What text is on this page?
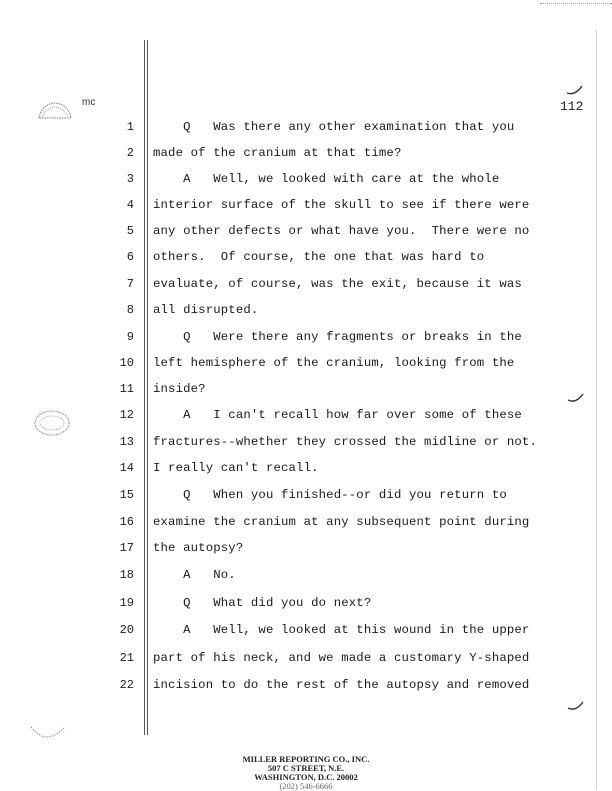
mc	112
1 Q   Was there any other examination that you
2 made of the cranium at that time?
3 A   Well, we looked with care at the whole
4 interior surface of the skull to see if there were
5 any other defects or what have you.  There were no
6 others.  Of course, the one that was hard to
7 evaluate, of course, was the exit, because it was
8 all disrupted.
9 Q   Were there any fragments or breaks in the
10 left hemisphere of the cranium, looking from the
11 inside?
12 A   I can't recall how far over some of these
13 fractures--whether they crossed the midline or not.
14 I really can't recall.
15 Q   When you finished--or did you return to
16 examine the cranium at any subsequent point during
17 the autopsy?
18 A   No.
19 Q   What did you do next?
20 A   Well, we looked at this wound in the upper
21 part of his neck, and we made a customary Y-shaped
22 incision to do the rest of the autopsy and removed
MILLER REPORTING CO., INC.
507 C STREET, N.E.
WASHINGTON, D.C. 20002
(202) 546-6666
